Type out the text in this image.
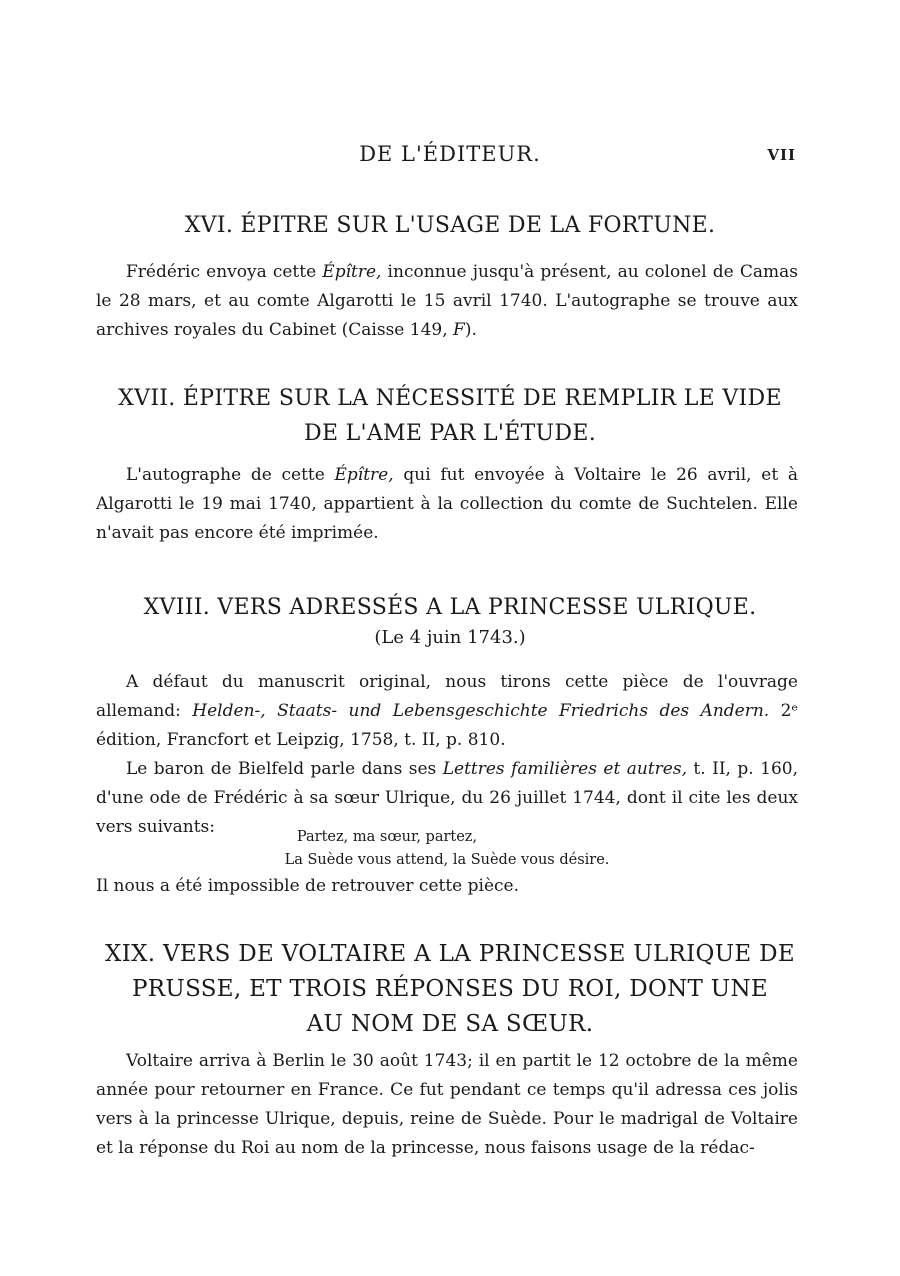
DE L'ÉDITEUR.	VII
XVI. ÉPITRE SUR L'USAGE DE LA FORTUNE.

Frédéric envoya cette Épître, inconnue jusqu'à présent, au colonel de Camas le 28 mars, et au comte Algarotti le 15 avril 1740. L'autographe se trouve aux archives royales du Cabinet (Caisse 149, F).

XVII. ÉPITRE SUR LA NÉCESSITÉ DE REMPLIR LE VIDE
DE L'AME PAR L'ÉTUDE.

L'autographe de cette Épître, qui fut envoyée à Voltaire le 26 avril, et à Algarotti le 19 mai 1740, appartient à la collection du comte de Suchtelen. Elle n'avait pas encore été imprimée.

XVIII. VERS ADRESSÉS A LA PRINCESSE ULRIQUE.
(Le 4 juin 1743.)

A défaut du manuscrit original, nous tirons cette pièce de l'ouvrage allemand: Helden-, Staats- und Lebensgeschichte Friedrichs des Andern. 2ᵉ édition, Francfort et Leipzig, 1758, t. II, p. 810.

Le baron de Bielfeld parle dans ses Lettres familières et autres, t. II, p. 160, d'une ode de Frédéric à sa sœur Ulrique, du 26 juillet 1744, dont il cite les deux vers suivants:	Partez, ma sœur, partez,
La Suède vous attend, la Suède vous désire.

Il nous a été impossible de retrouver cette pièce.

XIX. VERS DE VOLTAIRE A LA PRINCESSE ULRIQUE DE
PRUSSE, ET TROIS RÉPONSES DU ROI, DONT UNE
AU NOM DE SA SŒUR.

Voltaire arriva à Berlin le 30 août 1743; il en partit le 12 octobre de la même année pour retourner en France. Ce fut pendant ce temps qu'il adressa ces jolis vers à la princesse Ulrique, depuis, reine de Suède. Pour le madrigal de Voltaire et la réponse du Roi au nom de la princesse, nous faisons usage de la rédac-
